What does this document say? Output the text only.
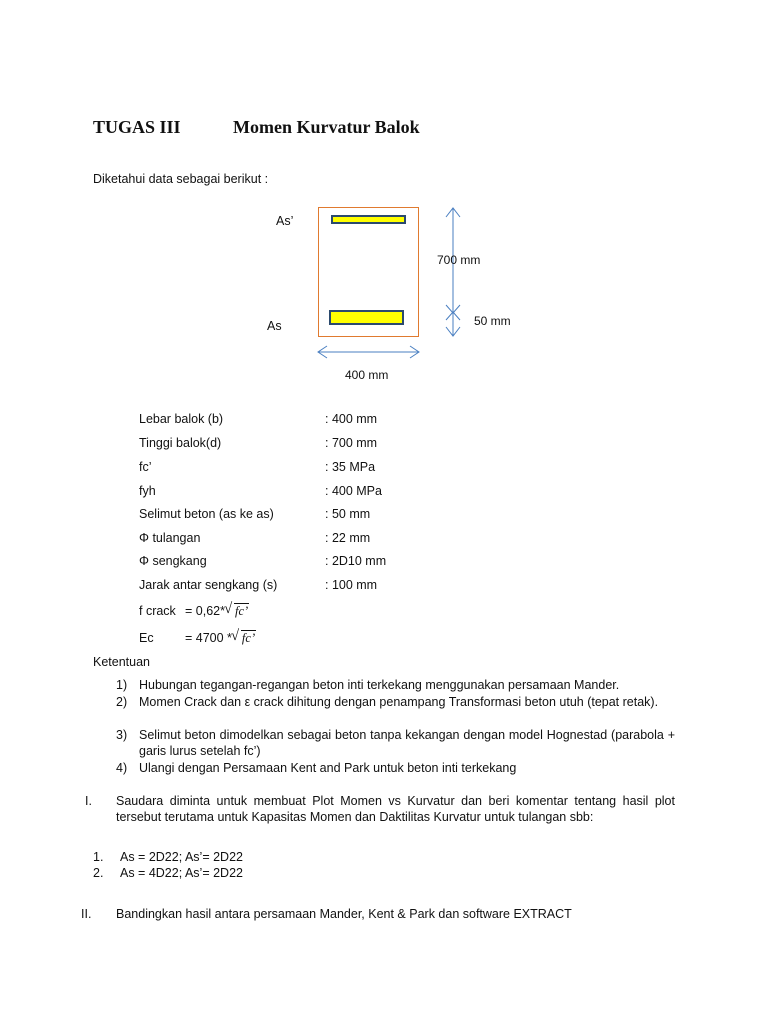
TUGAS III	Momen Kurvatur Balok
Diketahui data sebagai berikut :
As’
As
700 mm
50 mm
400 mm
Lebar balok (b)	: 400 mm
Tinggi balok(d)	: 700 mm
fc’	: 35 MPa
fyh	: 400 MPa
Selimut beton (as ke as)	: 50 mm
Φ tulangan	: 22 mm
Φ sengkang	: 2D10 mm
Jarak antar sengkang (s)	: 100 mm
f crack = 0,62* √ fc’
Ec	= 4700 * √ fc’
Ketentuan
1) Hubungan tegangan-regangan beton inti terkekang menggunakan persamaan Mander.
2) Momen Crack dan ε crack dihitung dengan penampang Transformasi beton utuh (tepat retak).
3) Selimut beton dimodelkan sebagai beton tanpa kekangan dengan model Hognestad (parabola + garis lurus setelah fc’)
4) Ulangi dengan Persamaan Kent and Park untuk beton inti terkekang
I. Saudara diminta untuk membuat Plot Momen vs Kurvatur dan beri komentar tentang hasil plot tersebut terutama untuk Kapasitas Momen dan Daktilitas Kurvatur untuk tulangan sbb:
1. As = 2D22; As’= 2D22
2. As = 4D22; As’= 2D22
II. Bandingkan hasil antara persamaan Mander, Kent & Park dan software EXTRACT
